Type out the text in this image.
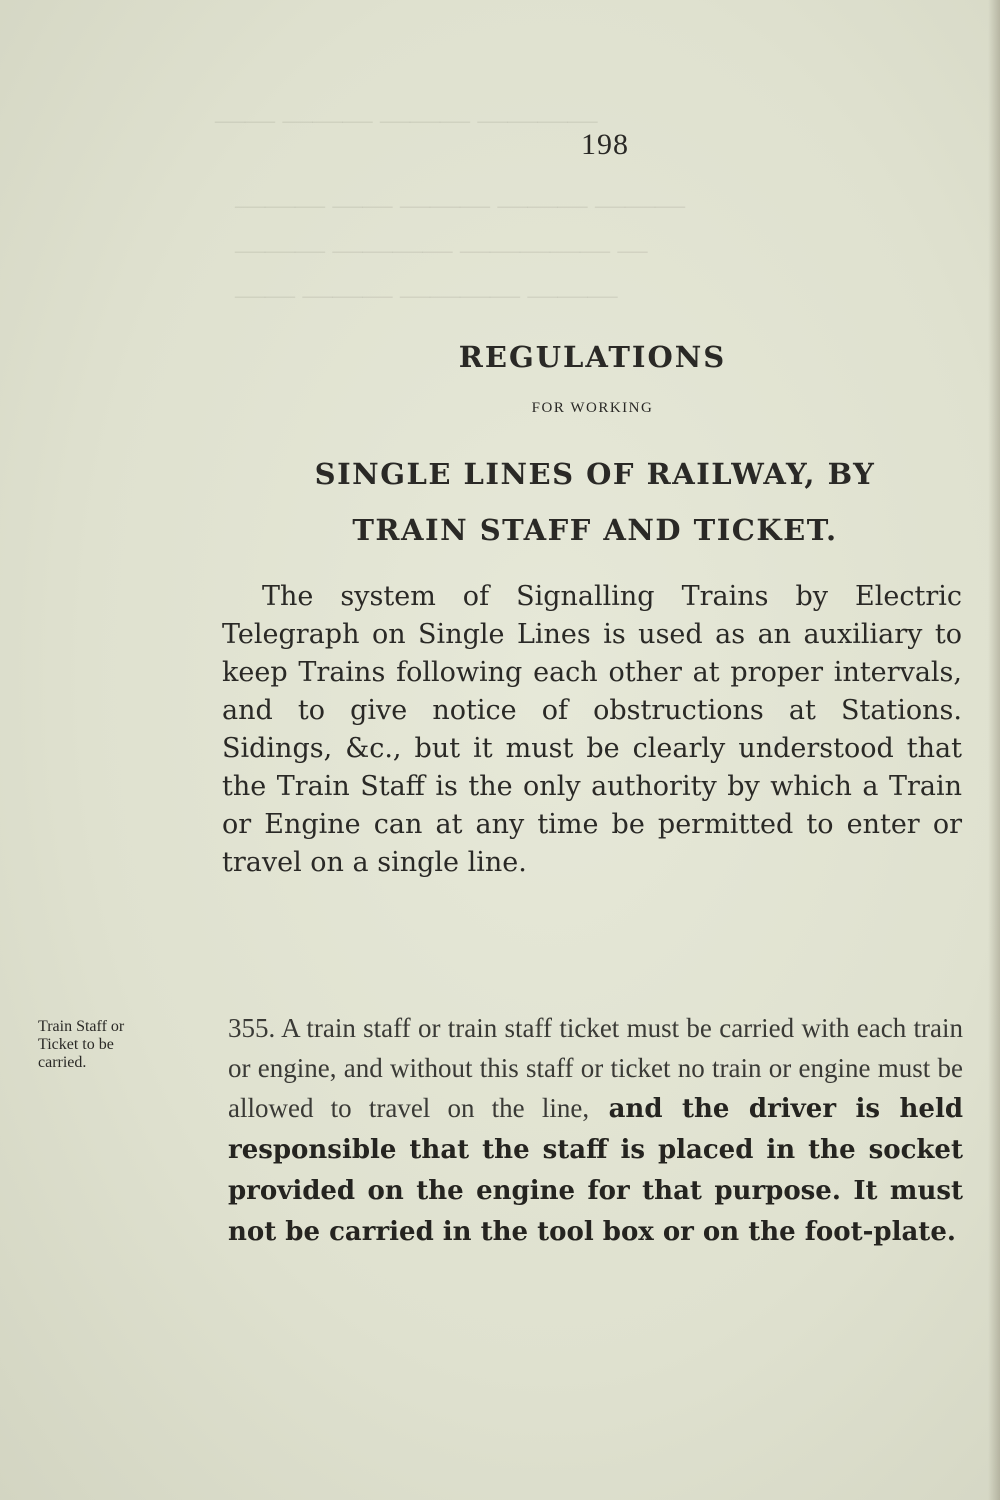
—— ——— ——— ————
——— —— ——— ——— ———
——— ———— ————— —
—— ——— ———— ———
198
REGULATIONS
FOR WORKING
SINGLE LINES OF RAILWAY, BY
TRAIN STAFF AND TICKET.

The system of Signalling Trains by Electric Telegraph on Single Lines is used as an auxiliary to keep Trains following each other at proper intervals, and to give notice of obstructions at Stations. Sidings, &c., but it must be clearly understood that the Train Staff is the only authority by which a Train or Engine can at any time be permitted to enter or travel on a single line.

Train Staff or
Ticket to be
carried.

355. A train staff or train staff ticket must be carried with each train or engine, and without this staff or ticket no train or engine must be allowed to travel on the line, and the driver is held responsible that the staff is placed in the socket provided on the engine for that purpose. It must not be carried in the tool box or on the foot-plate.
